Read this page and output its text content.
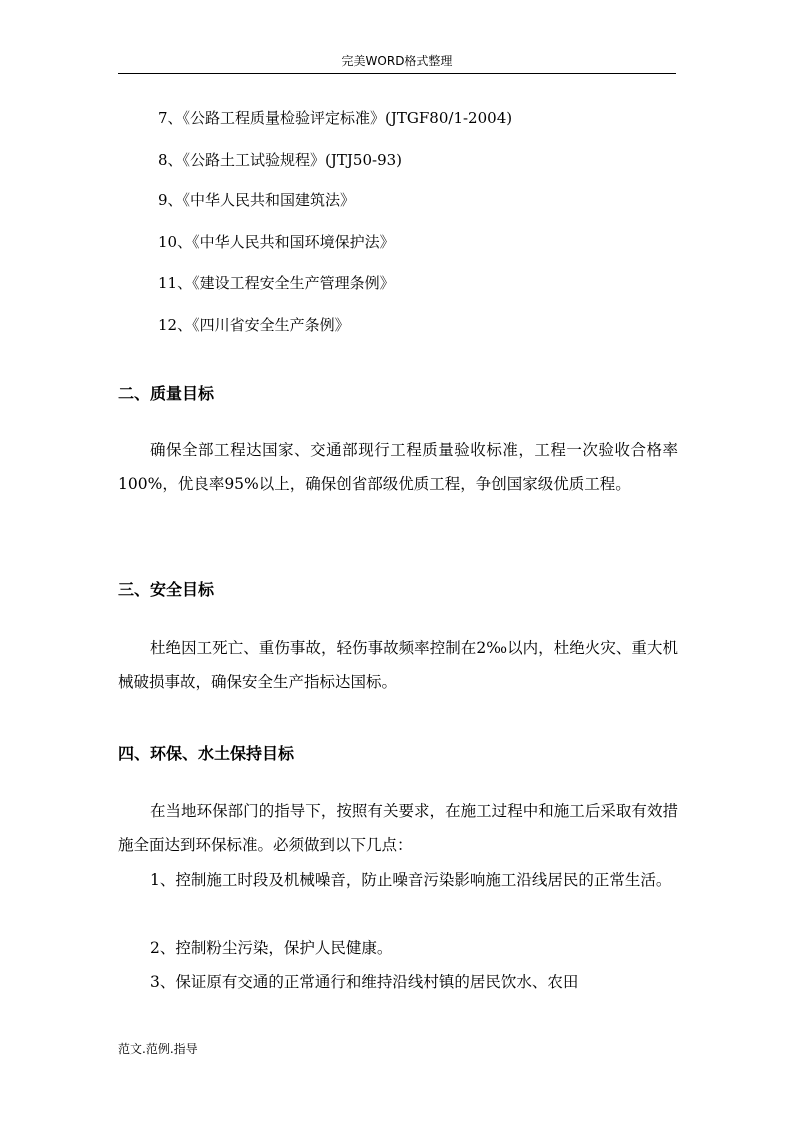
完美WORD格式整理
7、《公路工程质量检验评定标准》(JTGF80/1-2004)
8、《公路土工试验规程》(JTJ50-93)
9、《中华人民共和国建筑法》
10、《中华人民共和国环境保护法》
11、《建设工程安全生产管理条例》
12、《四川省安全生产条例》
二、质量目标
确保全部工程达国家、交通部现行工程质量验收标准，工程一次验收合格率100%，优良率95%以上，确保创省部级优质工程，争创国家级优质工程。
三、安全目标
杜绝因工死亡、重伤事故，轻伤事故频率控制在2‰以内，杜绝火灾、重大机械破损事故，确保安全生产指标达国标。
四、环保、水土保持目标
在当地环保部门的指导下，按照有关要求，在施工过程中和施工后采取有效措施全面达到环保标准。必须做到以下几点：
1、控制施工时段及机械噪音，防止噪音污染影响施工沿线居民的正常生活。
2、控制粉尘污染，保护人民健康。
3、保证原有交通的正常通行和维持沿线村镇的居民饮水、农田
范文.范例.指导
